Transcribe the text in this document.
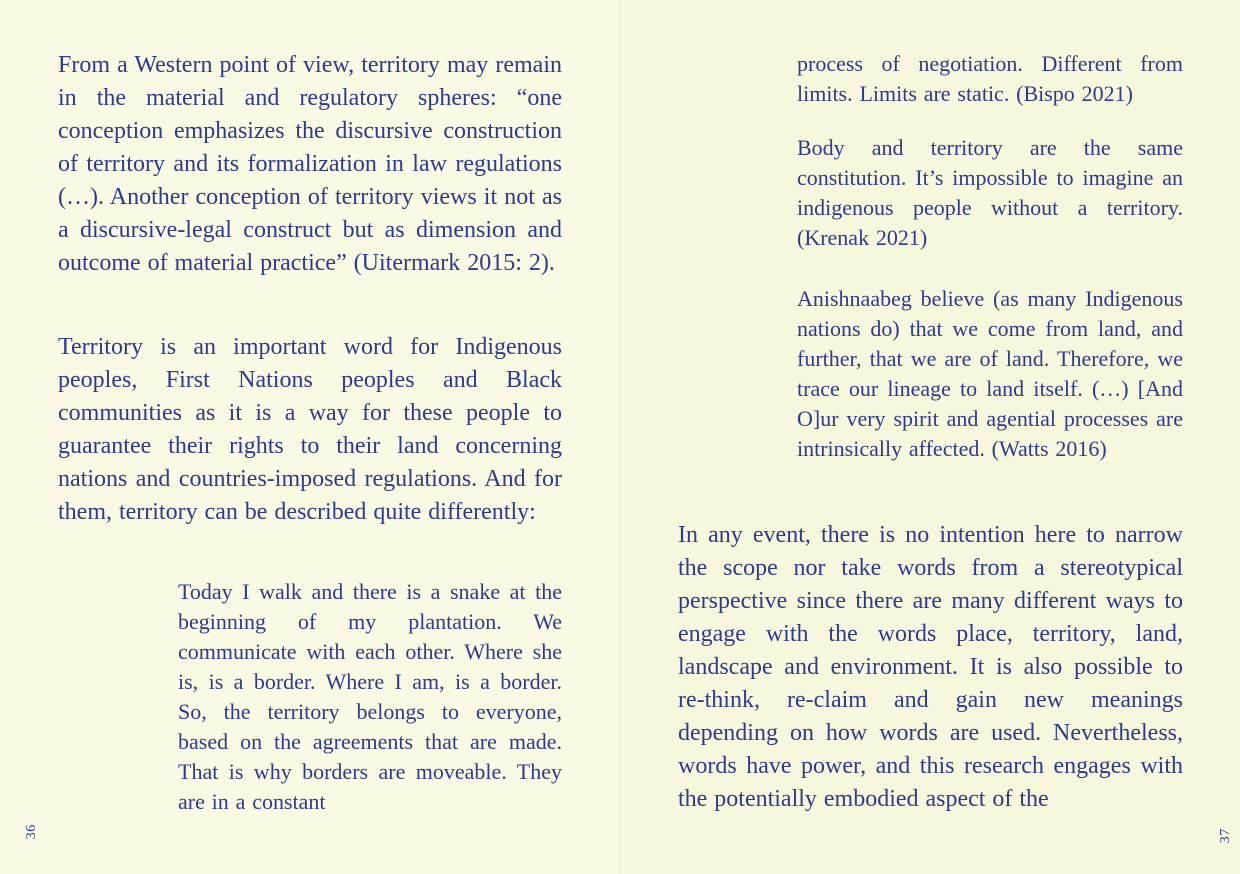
From a Western point of view, territory may remain in the material and regulatory spheres: “one conception emphasizes the discursive construction of territory and its formalization in law regulations (…). Another conception of territory views it not as a discursive-legal construct but as dimension and outcome of material practice” (Uitermark 2015: 2).

Territory is an important word for Indigenous peoples, First Nations peoples and Black communities as it is a way for these people to guarantee their rights to their land concerning nations and countries-imposed regulations. And for them, territory can be described quite differently:

Today I walk and there is a snake at the beginning of my plantation. We communicate with each other. Where she is, is a border. Where I am, is a border. So, the territory belongs to everyone, based on the agreements that are made. That is why borders are moveable. They are in a constant
36
process of negotiation. Different from limits. Limits are static. (Bispo 2021)
Body and territory are the same constitution. It’s impossible to imagine an indigenous people without a territory. (Krenak 2021)
Anishnaabeg believe (as many Indigenous nations do) that we come from land, and further, that we are of land. Therefore, we trace our lineage to land itself. (…) [And O]ur very spirit and agential processes are intrinsically affected. (Watts 2016)

In any event, there is no intention here to narrow the scope nor take words from a stereotypical perspective since there are many different ways to engage with the words place, territory, land, landscape and environment. It is also possible to re-think, re-claim and gain new meanings depending on how words are used. Nevertheless, words have power, and this research engages with the potentially embodied aspect of the

37
